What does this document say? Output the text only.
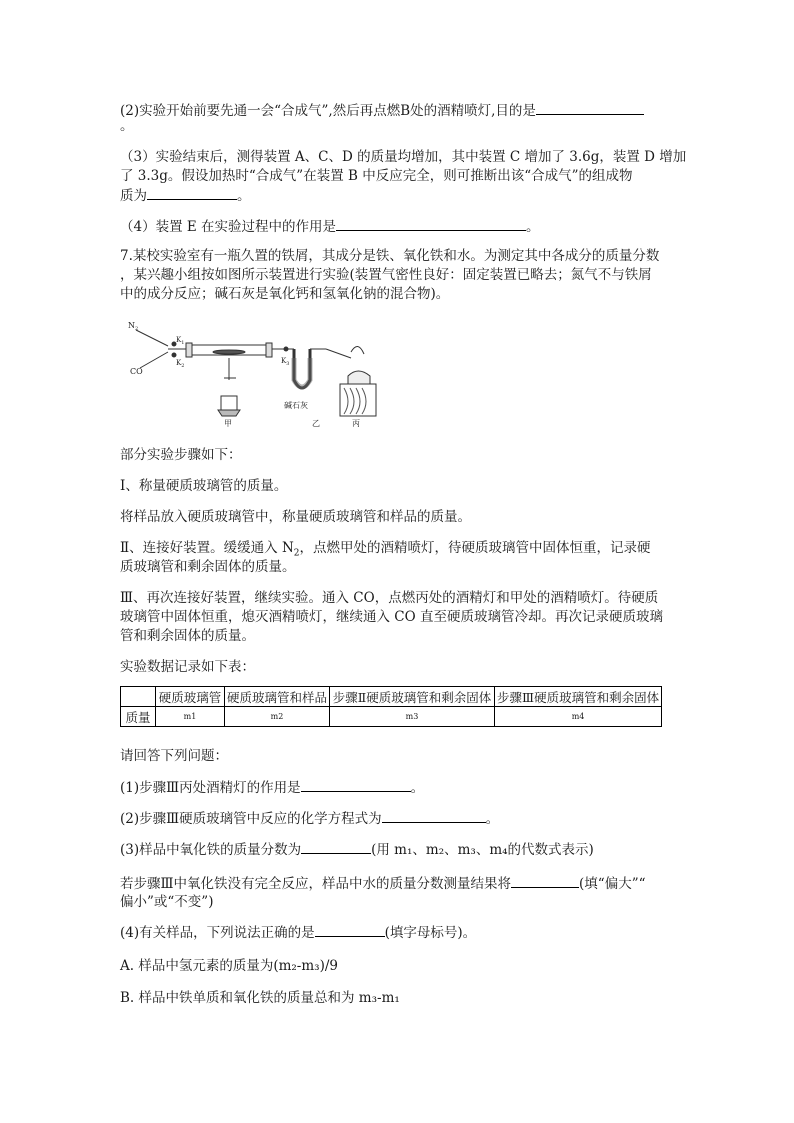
(2)实验开始前要先通一会“合成气”,然后再点燃B处的酒精喷灯,目的是
。
（3）实验结束后，测得装置 A、C、D 的质量均增加，其中装置 C 增加了 3.6g，装置 D 增加
了 3.3g。假设加热时“合成气”在装置 B 中反应完全，则可推断出该“合成气”的组成物
质为	。
（4）装置 E 在实验过程中的作用是	。
7.某校实验室有一瓶久置的铁屑，其成分是铁、氧化铁和水。为测定其中各成分的质量分数
，某兴趣小组按如图所示装置进行实验(装置气密性良好：固定装置已略去；氮气不与铁屑
中的成分反应；碱石灰是氧化钙和氢氧化钠的混合物)。
$N_2$
CO
$K_1$
$K_2$
$K_3$
碱石灰
甲	乙	丙
部分实验步骤如下：
Ⅰ、称量硬质玻璃管的质量。
将样品放入硬质玻璃管中，称量硬质玻璃管和样品的质量。
Ⅱ、连接好装置。缓缓通入 $N_2$，点燃甲处的酒精喷灯，待硬质玻璃管中固体恒重，记录硬
质玻璃管和剩余固体的质量。
Ⅲ、再次连接好装置，继续实验。通入 CO，点燃丙处的酒精灯和甲处的酒精喷灯。待硬质
玻璃管中固体恒重，熄灭酒精喷灯，继续通入 CO 直至硬质玻璃管冷却。再次记录硬质玻璃
管和剩余固体的质量。
实验数据记录如下表：
	硬质玻璃管	硬质玻璃管和样品	步骤Ⅱ硬质玻璃管和剩余固体	步骤Ⅲ硬质玻璃管和剩余固体
质量	m1	m2	m3	m4
请回答下列问题：
(1)步骤Ⅲ丙处酒精灯的作用是	。
(2)步骤Ⅲ硬质玻璃管中反应的化学方程式为	。
(3)样品中氧化铁的质量分数为	(用 m₁、m₂、m₃、m₄的代数式表示)
若步骤Ⅲ中氧化铁没有完全反应，样品中水的质量分数测量结果将	(填“偏大”“
偏小”或“不变”)
(4)有关样品，下列说法正确的是	(填字母标号)。
A. 样品中氢元素的质量为(m₂-m₃)/9
B. 样品中铁单质和氧化铁的质量总和为 m₃-m₁
